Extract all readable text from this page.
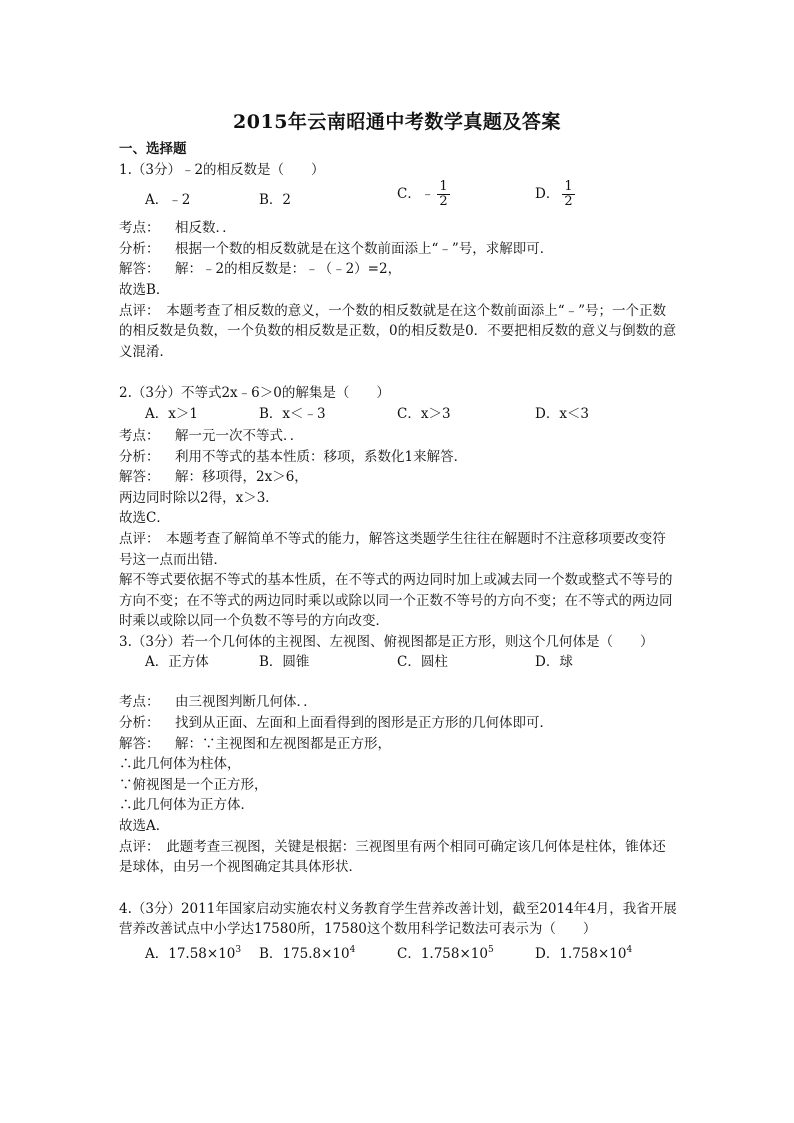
2015年云南昭通中考数学真题及答案
一、选择题
1.（3分）﹣2的相反数是（　　）
A．﹣2	B．2	C．﹣ $\frac{1}{2}$	D． $\frac{1}{2}$
考点： 相反数．．
分析： 根据一个数的相反数就是在这个数前面添上“﹣”号，求解即可．
解答： 解：﹣2的相反数是：﹣（﹣2）=2，
故选B．
点评：　本题考查了相反数的意义，一个数的相反数就是在这个数前面添上“﹣”号；一个正数的相反数是负数，一个负数的相反数是正数，0的相反数是0．不要把相反数的意义与倒数的意义混淆．
2.（3分）不等式2x﹣6＞0的解集是（　　）
A．x＞1	B．x＜﹣3	C．x＞3	D．x＜3
考点： 解一元一次不等式．．
分析： 利用不等式的基本性质：移项，系数化1来解答．
解答： 解：移项得，2x＞6，
两边同时除以2得，x＞3．
故选C．
点评：　本题考查了解简单不等式的能力，解答这类题学生往往在解题时不注意移项要改变符号这一点而出错．
解不等式要依据不等式的基本性质，在不等式的两边同时加上或减去同一个数或整式不等号的方向不变；在不等式的两边同时乘以或除以同一个正数不等号的方向不变；在不等式的两边同时乘以或除以同一个负数不等号的方向改变．
3.（3分）若一个几何体的主视图、左视图、俯视图都是正方形，则这个几何体是（　　）
A．正方体	B．圆锥	C．圆柱	D．球
考点： 由三视图判断几何体．．
分析： 找到从正面、左面和上面看得到的图形是正方形的几何体即可．
解答： 解：∵主视图和左视图都是正方形，
∴此几何体为柱体，
∵俯视图是一个正方形，
∴此几何体为正方体．
故选A．
点评：　此题考查三视图，关键是根据：三视图里有两个相同可确定该几何体是柱体，锥体还是球体，由另一个视图确定其具体形状．
4.（3分）2011年国家启动实施农村义务教育学生营养改善计划，截至2014年4月，我省开展营养改善试点中小学达17580所，17580这个数用科学记数法可表示为（　　）
A．$17.58\times 10^3$ B．$175.8\times 10^4$	C．$1.758\times 10^5$	D．$1.758\times 10^4$
